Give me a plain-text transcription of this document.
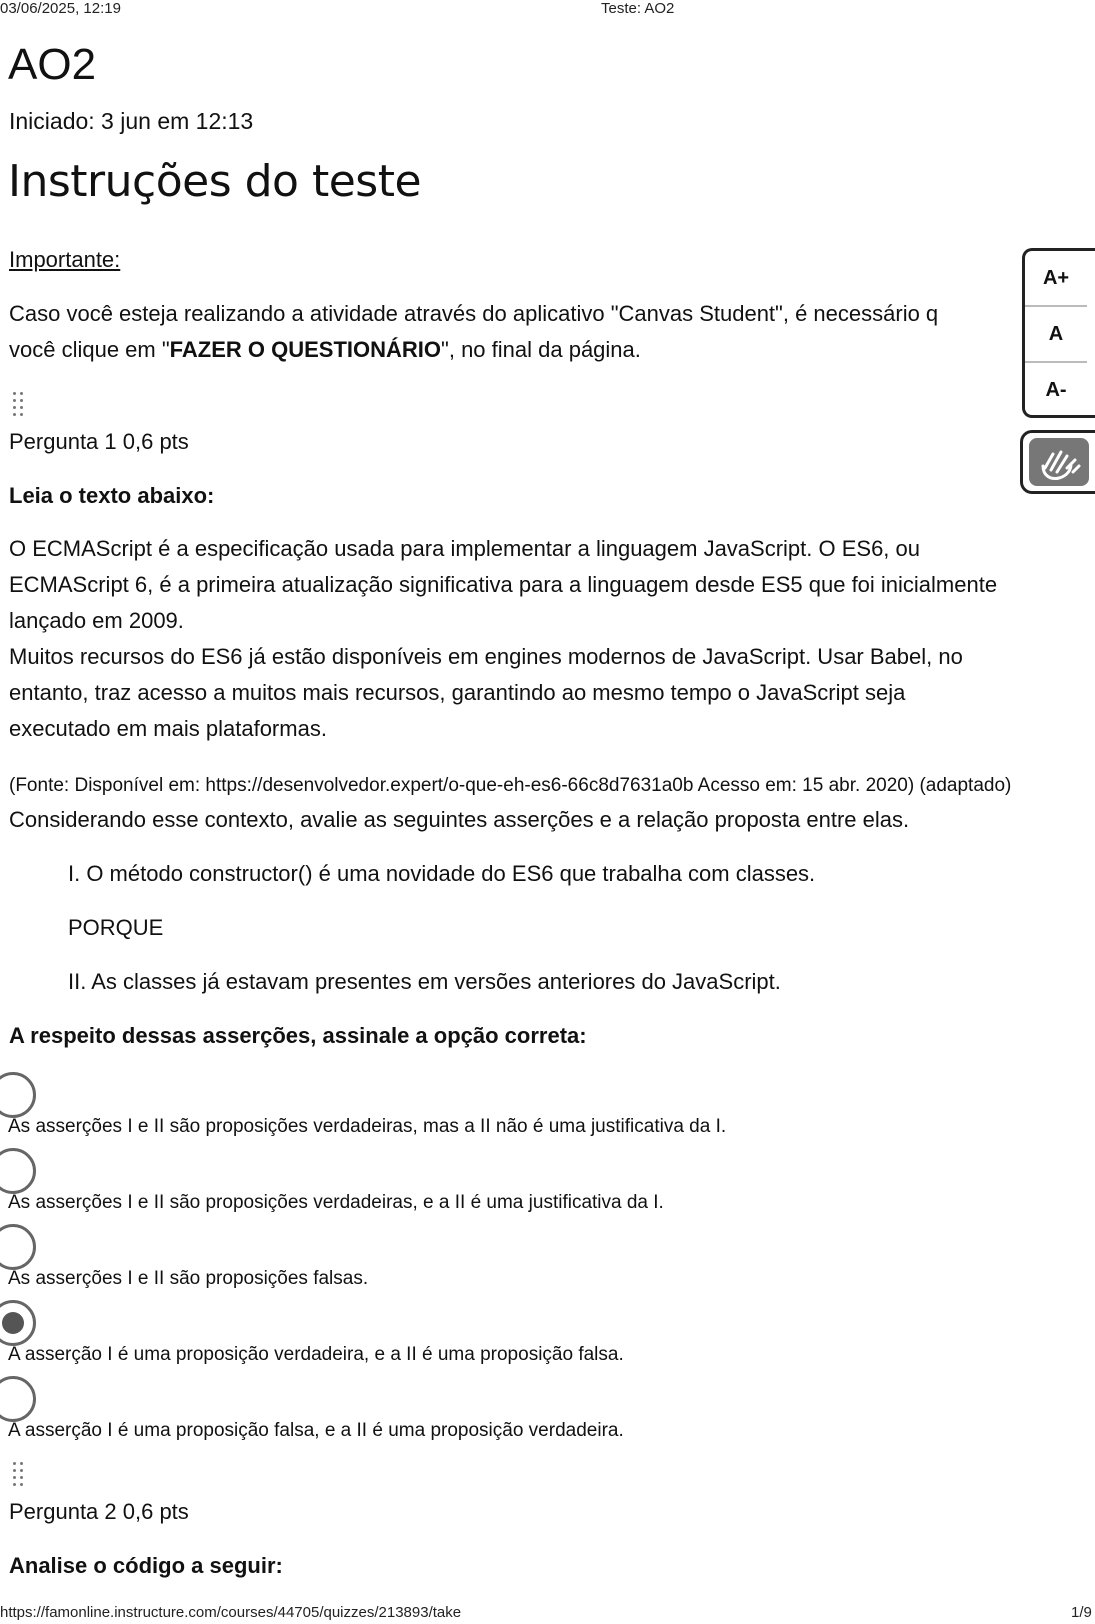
03/06/2025, 12:19	Teste: AO2
AO2
Iniciado: 3 jun em 12:13
Instruções do teste
Importante:
Caso você esteja realizando a atividade através do aplicativo "Canvas Student", é necessário q
você clique em "FAZER O QUESTIONÁRIO", no final da página.
Pergunta 1 0,6 pts
Leia o texto abaixo:
O ECMAScript é a especificação usada para implementar a linguagem JavaScript. O ES6, ou
ECMAScript 6, é a primeira atualização significativa para a linguagem desde ES5 que foi inicialmente
lançado em 2009.
Muitos recursos do ES6 já estão disponíveis em engines modernos de JavaScript. Usar Babel, no
entanto, traz acesso a muitos mais recursos, garantindo ao mesmo tempo o JavaScript seja
executado em mais plataformas.
(Fonte: Disponível em: https://desenvolvedor.expert/o-que-eh-es6-66c8d7631a0b Acesso em: 15 abr. 2020) (adaptado)
Considerando esse contexto, avalie as seguintes asserções e a relação proposta entre elas.
I. O método constructor() é uma novidade do ES6 que trabalha com classes.
PORQUE
II. As classes já estavam presentes em versões anteriores do JavaScript.
A respeito dessas asserções, assinale a opção correta:
As asserções I e II são proposições verdadeiras, mas a II não é uma justificativa da I.
As asserções I e II são proposições verdadeiras, e a II é uma justificativa da I.
As asserções I e II são proposições falsas.
A asserção I é uma proposição verdadeira, e a II é uma proposição falsa.
A asserção I é uma proposição falsa, e a II é uma proposição verdadeira.
Pergunta 2 0,6 pts
Analise o código a seguir:
A+
A
A-
https://famonline.instructure.com/courses/44705/quizzes/213893/take	1/9
